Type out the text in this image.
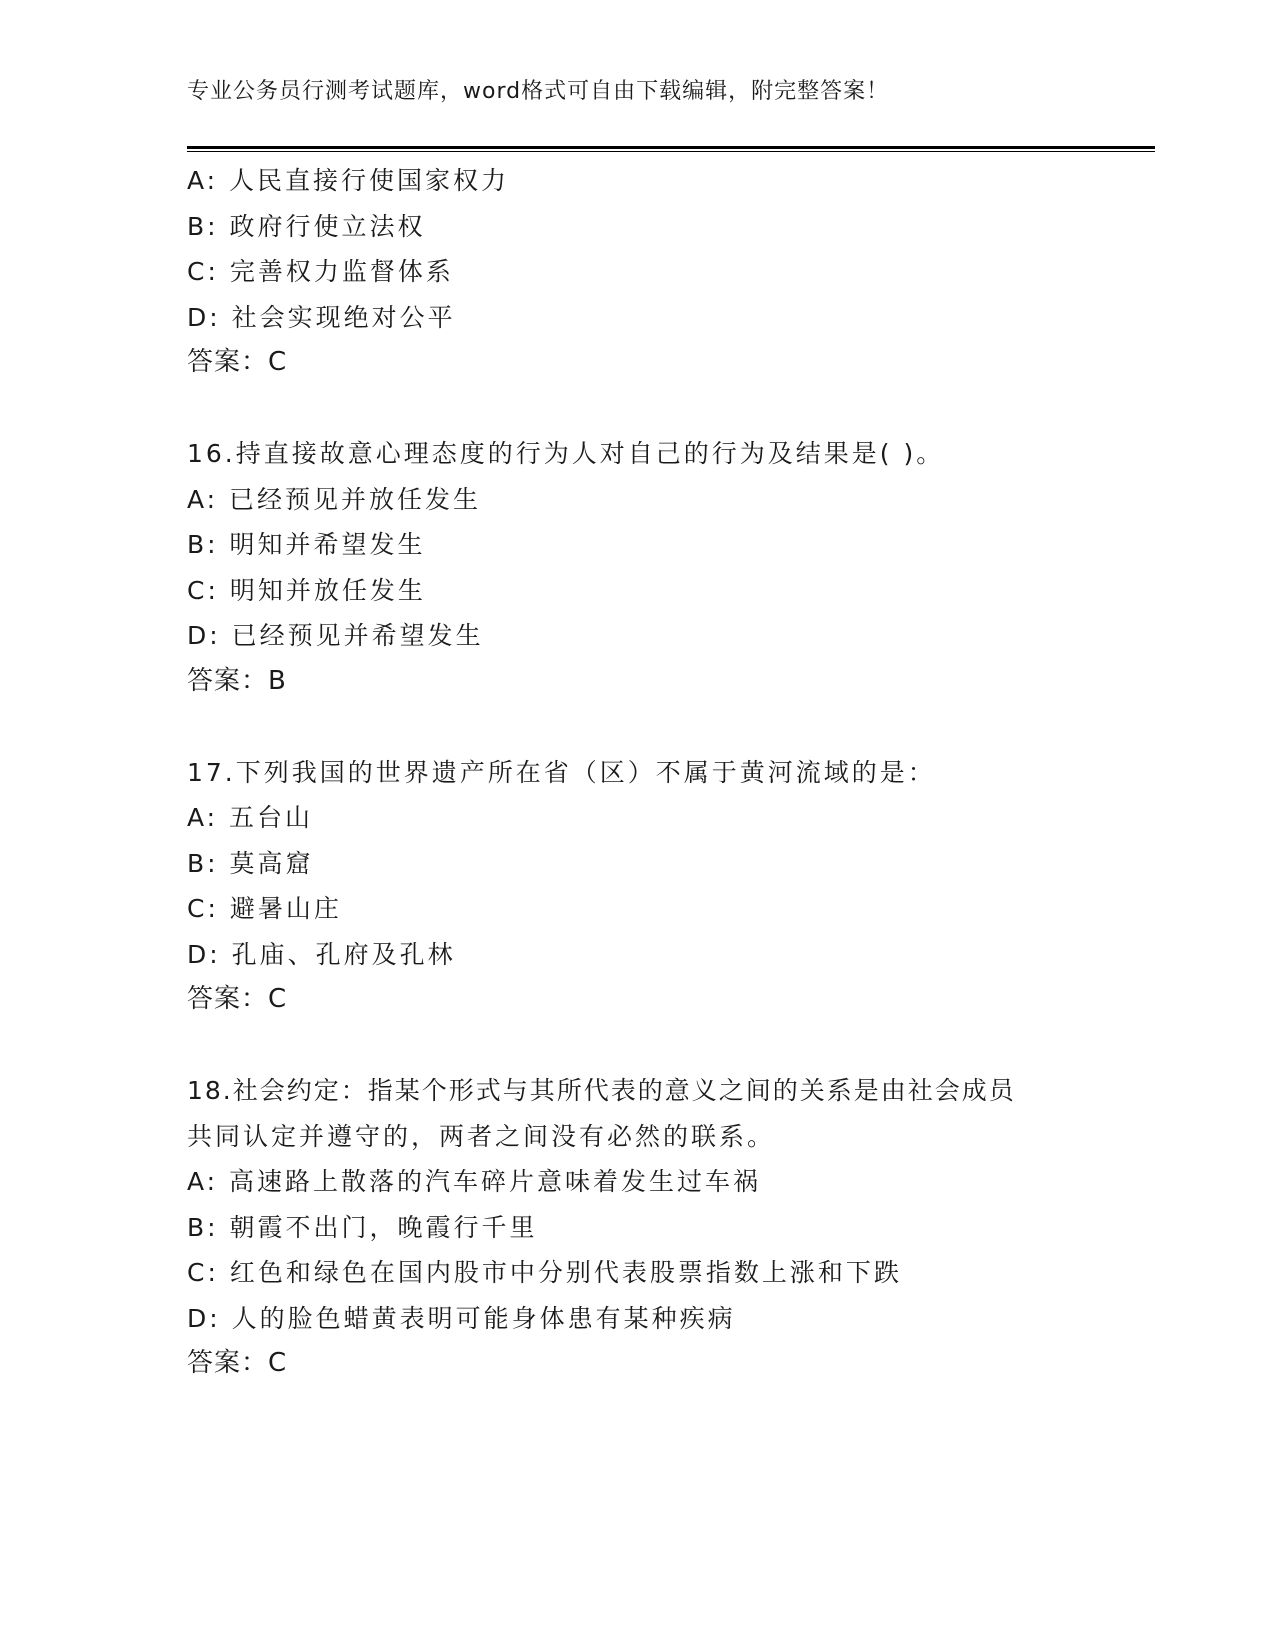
专业公务员行测考试题库，word格式可自由下载编辑，附完整答案！
A: 人民直接行使国家权力
B: 政府行使立法权
C: 完善权力监督体系
D: 社会实现绝对公平
答案：C
16.持直接故意心理态度的行为人对自己的行为及结果是( )。
A: 已经预见并放任发生
B: 明知并希望发生
C: 明知并放任发生
D: 已经预见并希望发生
答案：B
17.下列我国的世界遗产所在省（区）不属于黄河流域的是：
A: 五台山
B: 莫高窟
C: 避暑山庄
D: 孔庙、孔府及孔林
答案：C
18.社会约定：指某个形式与其所代表的意义之间的关系是由社会成员
共同认定并遵守的，两者之间没有必然的联系。
A: 高速路上散落的汽车碎片意味着发生过车祸
B: 朝霞不出门，晚霞行千里
C: 红色和绿色在国内股市中分别代表股票指数上涨和下跌
D: 人的脸色蜡黄表明可能身体患有某种疾病
答案：C
